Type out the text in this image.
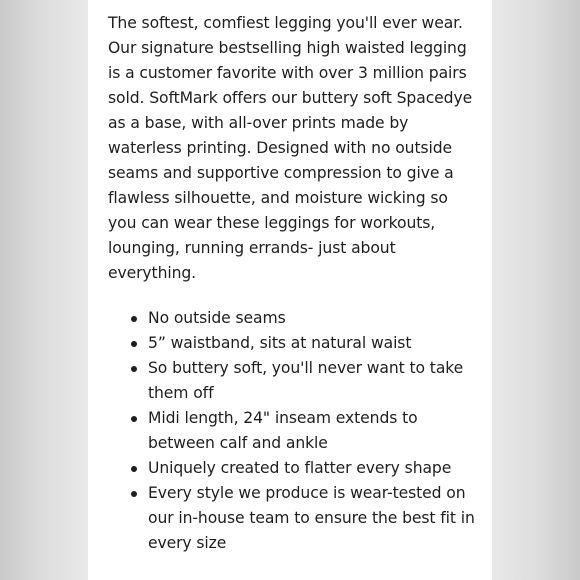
The softest, comfiest legging you'll ever wear.
Our signature bestselling high waisted legging
is a customer favorite with over 3 million pairs
sold. SoftMark offers our buttery soft Spacedye
as a base, with all-over prints made by
waterless printing. Designed with no outside
seams and supportive compression to give a
flawless silhouette, and moisture wicking so
you can wear these leggings for workouts,
lounging, running errands- just about
everything.

No outside seams
5” waistband, sits at natural waist
So buttery soft, you'll never want to take them off
Midi length, 24" inseam extends to between calf and ankle
Uniquely created to flatter every shape
Every style we produce is wear-tested on our in-house team to ensure the best fit in every size
